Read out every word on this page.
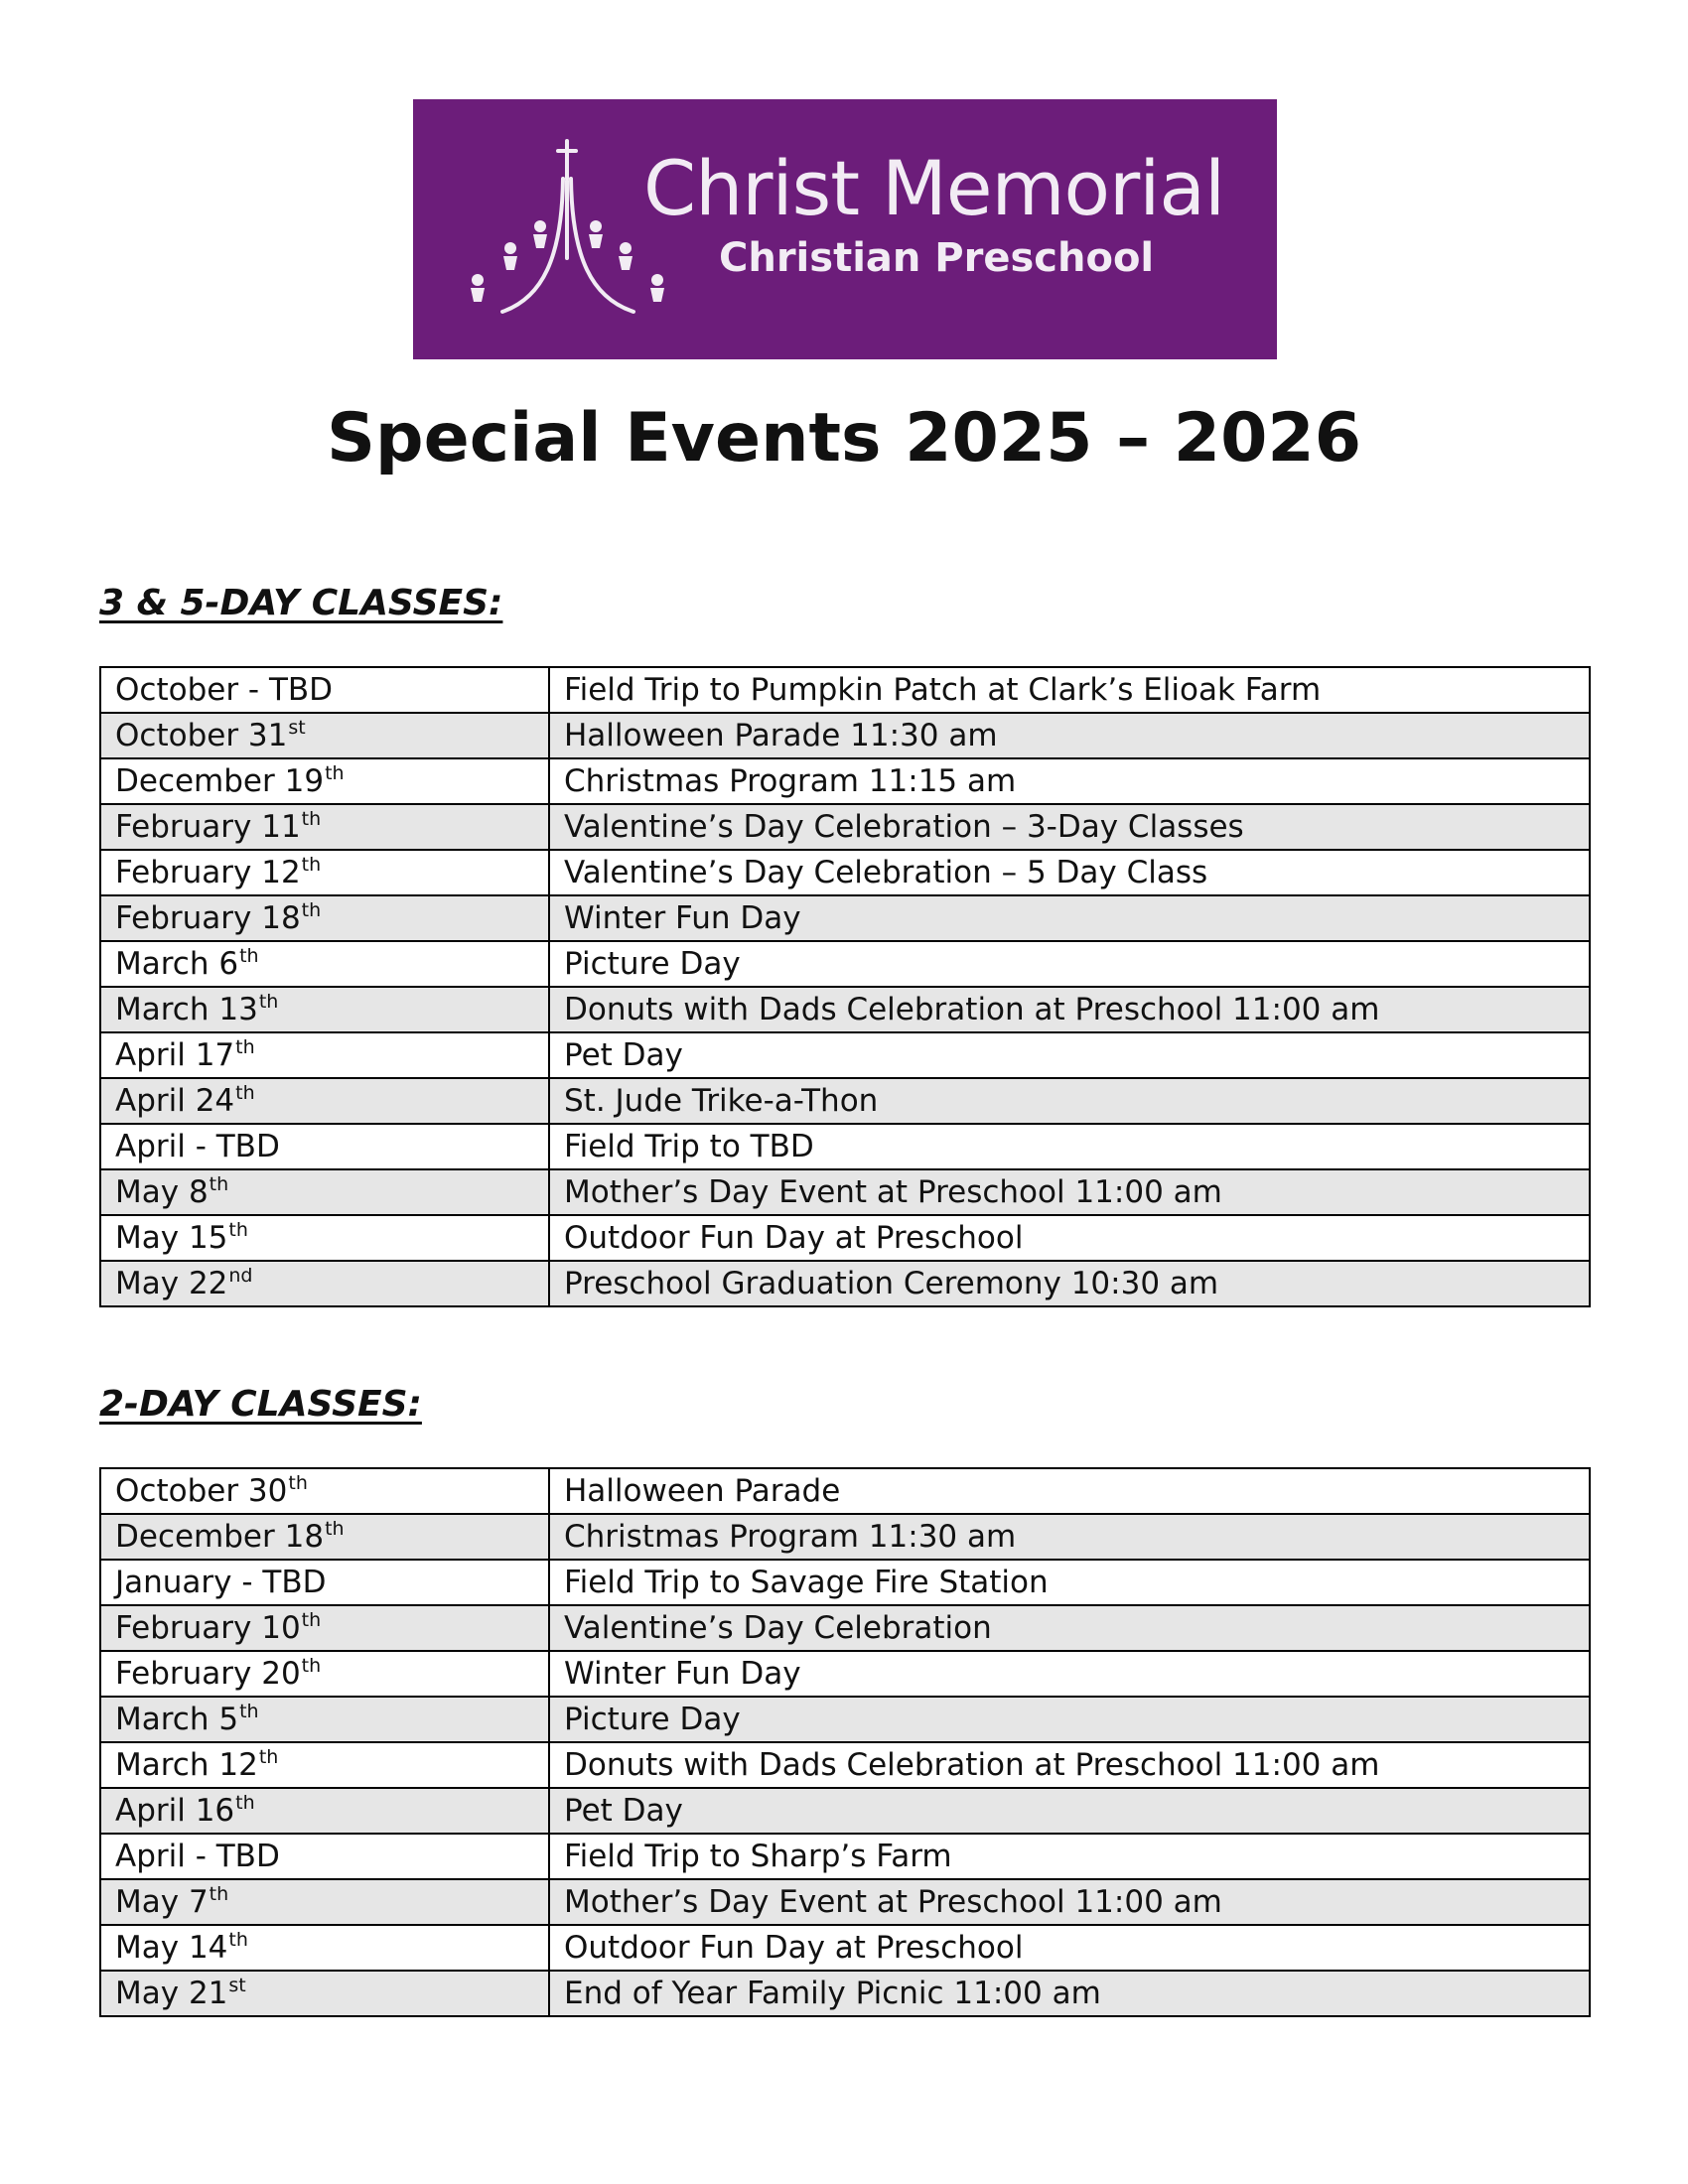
Christ Memorial
Christian Preschool
Special Events 2025 – 2026
3 & 5-DAY CLASSES:
October - TBD	Field Trip to Pumpkin Patch at Clark’s Elioak Farm
October 31st	Halloween Parade 11:30 am
December 19th	Christmas Program 11:15 am
February 11th	Valentine’s Day Celebration – 3-Day Classes
February 12th	Valentine’s Day Celebration – 5 Day Class
February 18th	Winter Fun Day
March 6th	Picture Day
March 13th	Donuts with Dads Celebration at Preschool 11:00 am
April 17th	Pet Day
April 24th	St. Jude Trike-a-Thon
April - TBD	Field Trip to TBD
May 8th	Mother’s Day Event at Preschool 11:00 am
May 15th	Outdoor Fun Day at Preschool
May 22nd	Preschool Graduation Ceremony 10:30 am
2-DAY CLASSES:
October 30th	Halloween Parade
December 18th	Christmas Program 11:30 am
January - TBD	Field Trip to Savage Fire Station
February 10th	Valentine’s Day Celebration
February 20th	Winter Fun Day
March 5th	Picture Day
March 12th	Donuts with Dads Celebration at Preschool 11:00 am
April 16th	Pet Day
April - TBD	Field Trip to Sharp’s Farm
May 7th	Mother’s Day Event at Preschool 11:00 am
May 14th	Outdoor Fun Day at Preschool
May 21st	End of Year Family Picnic 11:00 am
